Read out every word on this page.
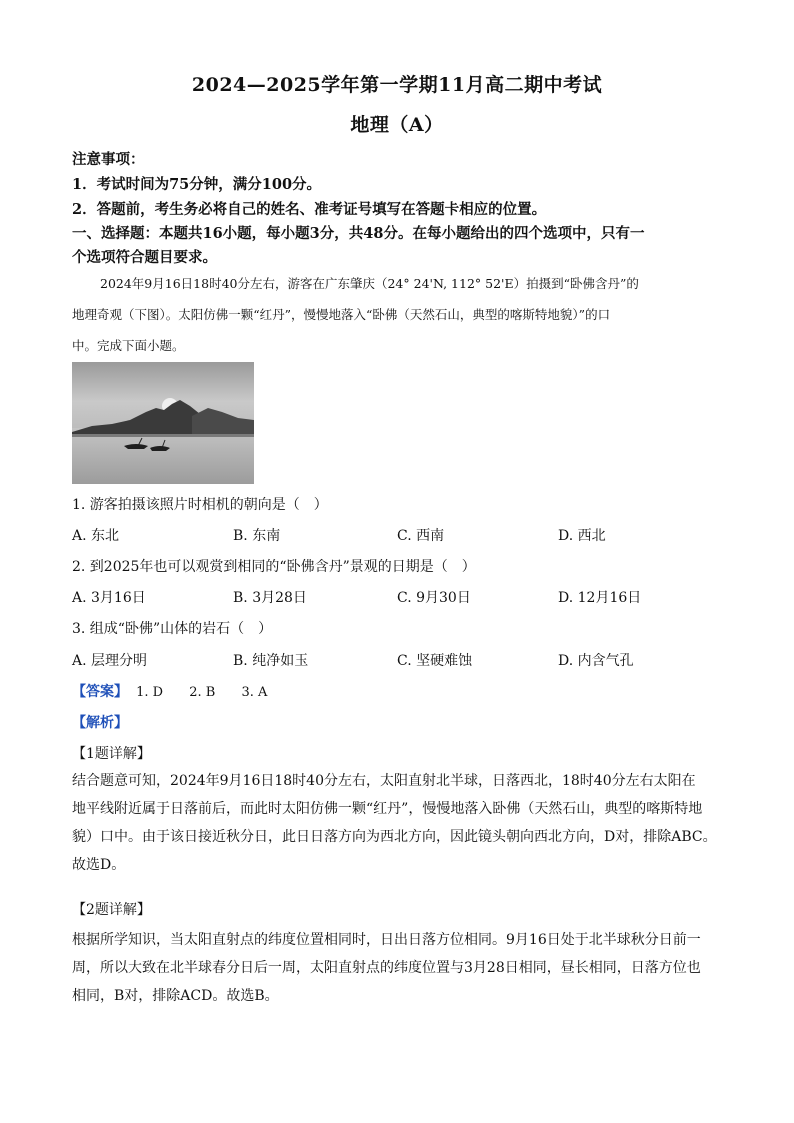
2024—2025学年第一学期11月高二期中考试
地理（A）
注意事项：
1．考试时间为75分钟，满分100分。
2．答题前，考生务必将自己的姓名、准考证号填写在答题卡相应的位置。
一、选择题：本题共16小题，每小题3分，共48分。在每小题给出的四个选项中，只有一
个选项符合题目要求。
2024年9月16日18时40分左右，游客在广东肇庆（24° 24'N, 112° 52'E）拍摄到“卧佛含丹”的
地理奇观（下图）。太阳仿佛一颗“红丹”，慢慢地落入“卧佛（天然石山，典型的喀斯特地貌）”的口
中。完成下面小题。
1. 游客拍摄该照片时相机的朝向是（　）
A. 东北	B. 东南	C. 西南	D. 西北
2. 到2025年也可以观赏到相同的“卧佛含丹”景观的日期是（　）
A. 3月16日	B. 3月28日	C. 9月30日	D. 12月16日
3. 组成“卧佛”山体的岩石（　）
A. 层理分明	B. 纯净如玉	C. 坚硬难蚀	D. 内含气孔
【答案】 1. D 2. B 3. A
【解析】
【1题详解】
结合题意可知，2024年9月16日18时40分左右，太阳直射北半球，日落西北，18时40分左右太阳在
地平线附近属于日落前后，而此时太阳仿佛一颗“红丹”，慢慢地落入卧佛（天然石山，典型的喀斯特地
貌）口中。由于该日接近秋分日，此日日落方向为西北方向，因此镜头朝向西北方向，D对，排除ABC。
故选D。
【2题详解】
根据所学知识，当太阳直射点的纬度位置相同时，日出日落方位相同。9月16日处于北半球秋分日前一
周，所以大致在北半球春分日后一周，太阳直射点的纬度位置与3月28日相同，昼长相同，日落方位也
相同，B对，排除ACD。故选B。
